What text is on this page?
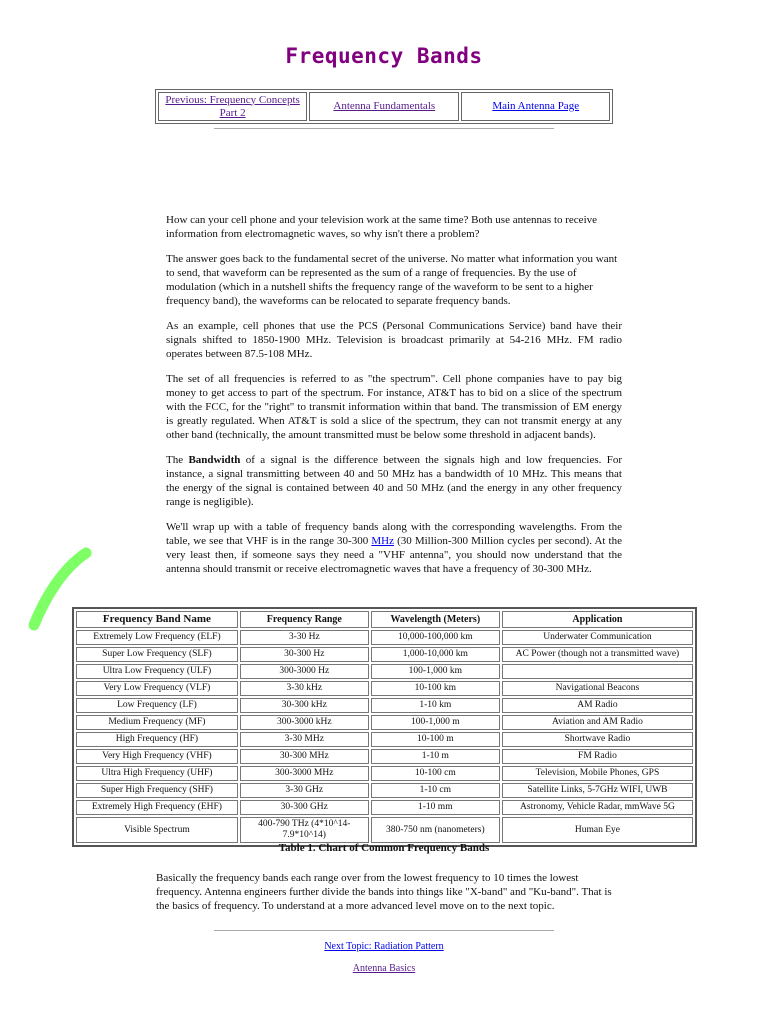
Frequency Bands
Previous: Frequency Concepts Part 2	Antenna Fundamentals	Main Antenna Page

How can your cell phone and your television work at the same time? Both use antennas to receive information from electromagnetic waves, so why isn't there a problem?

The answer goes back to the fundamental secret of the universe. No matter what information you want to send, that waveform can be represented as the sum of a range of frequencies. By the use of modulation (which in a nutshell shifts the frequency range of the waveform to be sent to a higher frequency band), the waveforms can be relocated to separate frequency bands.

As an example, cell phones that use the PCS (Personal Communications Service) band have their signals shifted to 1850-1900 MHz. Television is broadcast primarily at 54-216 MHz. FM radio operates between 87.5-108 MHz.

The set of all frequencies is referred to as "the spectrum". Cell phone companies have to pay big money to get access to part of the spectrum. For instance, AT&T has to bid on a slice of the spectrum with the FCC, for the "right" to transmit information within that band. The transmission of EM energy is greatly regulated. When AT&T is sold a slice of the spectrum, they can not transmit energy at any other band (technically, the amount transmitted must be below some threshold in adjacent bands).

The Bandwidth of a signal is the difference between the signals high and low frequencies. For instance, a signal transmitting between 40 and 50 MHz has a bandwidth of 10 MHz. This means that the energy of the signal is contained between 40 and 50 MHz (and the energy in any other frequency range is negligible).

We'll wrap up with a table of frequency bands along with the corresponding wavelengths. From the table, we see that VHF is in the range 30-300 MHz (30 Million-300 Million cycles per second). At the very least then, if someone says they need a "VHF antenna", you should now understand that the antenna should transmit or receive electromagnetic waves that have a frequency of 30-300 MHz.

Frequency Band Name	Frequency Range	Wavelength (Meters)	Application
Extremely Low Frequency (ELF)	3-30 Hz	10,000-100,000 km	Underwater Communication
Super Low Frequency (SLF)	30-300 Hz	1,000-10,000 km	AC Power (though not a transmitted wave)
Ultra Low Frequency (ULF)	300-3000 Hz	100-1,000 km	
Very Low Frequency (VLF)	3-30 kHz	10-100 km	Navigational Beacons
Low Frequency (LF)	30-300 kHz	1-10 km	AM Radio
Medium Frequency (MF)	300-3000 kHz	100-1,000 m	Aviation and AM Radio
High Frequency (HF)	3-30 MHz	10-100 m	Shortwave Radio
Very High Frequency (VHF)	30-300 MHz	1-10 m	FM Radio
Ultra High Frequency (UHF)	300-3000 MHz	10-100 cm	Television, Mobile Phones, GPS
Super High Frequency (SHF)	3-30 GHz	1-10 cm	Satellite Links, 5-7GHz WIFI, UWB
Extremely High Frequency (EHF)	30-300 GHz	1-10 mm	Astronomy, Vehicle Radar, mmWave 5G
Visible Spectrum	400-790 THz (4*10^14-7.9*10^14)	380-750 nm (nanometers)	Human Eye
Table 1. Chart of Common Frequency Bands
Basically the frequency bands each range over from the lowest frequency to 10 times the lowest frequency. Antenna engineers further divide the bands into things like "X-band" and "Ku-band". That is the basics of frequency. To understand at a more advanced level move on to the next topic.
Next Topic: Radiation Pattern
Antenna Basics
